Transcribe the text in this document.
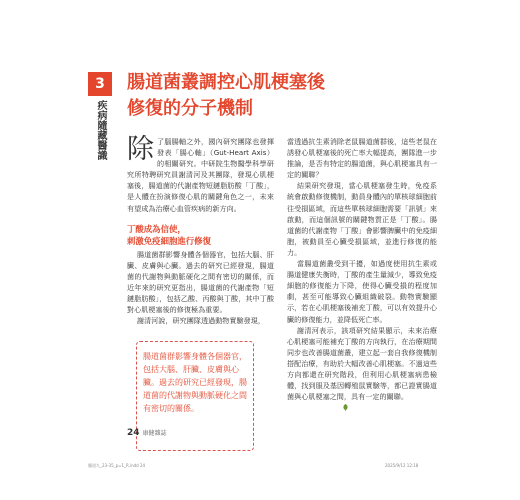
3
疾病隨藏醫識
腸道菌叢調控心肌梗塞後
修復的分子機制

除了腦腸軸之外，國內研究團隊也發揮發表「腸心軸」（Gut-Heart Axis）的相關研究。中研院生物醫學科學研究所特聘研究員謝清河及其團隊，發現心肌梗塞後，腸道菌的代謝產物短鏈脂肪酸「丁酸」，是人體在扮演修復心肌的關鍵角色之一，未來有望成為治療心血管疾病的新方向。

丁酸成為信使，
刺激免疫細胞進行修復

腸道菌群影響身體各個器官，包括大腦、肝臟、皮膚與心臟。過去的研究已經發現，腸道菌的代謝物與動脈硬化之間有密切的關係，而近年來的研究更指出，腸道菌的代謝產物「短鏈脂肪酸」，包括乙酸、丙酸與丁酸，其中丁酸對心肌梗塞後的修復極為重要。

謝清河說，研究團隊透過動物實驗發現，

腸道菌群影響身體各個器官，包括大腦、肝臟、皮膚與心臟。過去的研究已經發現，腸道菌的代謝物與動脈硬化之間有密切的關係。

當透過抗生素消除老鼠腸道菌群後，這些老鼠在誘發心肌梗塞後的死亡率大幅提高，團隊進一步推論，是否有特定的腸道菌，與心肌梗塞具有一定的關聯？

結果研究發現，當心肌梗塞發生時，免疫系統會啟動修復機制，動員身體內的單核球細胞前往受損區域，而這些單核球細胞需要「訊號」來啟動，而這個訊號的關鍵物質正是「丁酸」。腸道菌的代謝產物「丁酸」會影響脾臟中的免疫細胞，被動員至心臟受損區域，並進行修復的能力。

當腸道菌叢受到干擾，如過度使用抗生素或腸道健康失衡時，丁酸的產生量減少，導致免疫細胞的修復能力下降，使得心臟受損的程度加劇，甚至可能導致心臟組織破裂。動物實驗顯示，若在心肌梗塞後補充丁酸，可以有效提升心臟的修復能力，並降低死亡率。

謝清河表示，該項研究結果顯示，未來治療心肌梗塞可能補充丁酸的方向執行，在治療期間同步也改善腸道菌叢，建立起一套自我修復機制搭配治療，有助於大幅改善心肌梗塞。不過這些方向都還在研究階段，但利用心肌梗塞病患檢體，找到服及基因轉殖鼠實驗等，都已證實腸道菌與心肌梗塞之間，具有一定的關聯。

24 康健雜誌
腸道九_23-35_p=1_R.indd 24	2025/9/12 12:18
